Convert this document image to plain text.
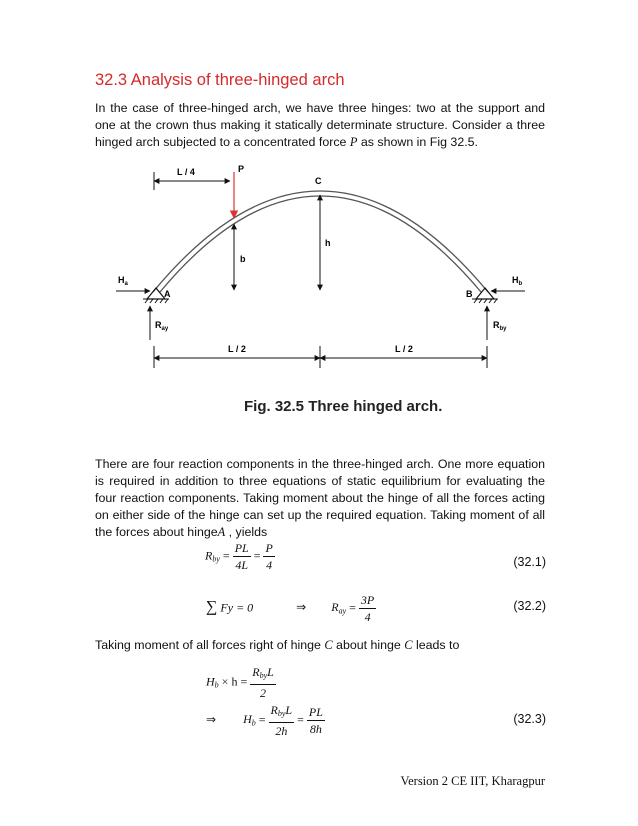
32.3 Analysis of three-hinged arch
In the case of three-hinged arch, we have three hinges: two at the support and one at the crown thus making it statically determinate structure. Consider a three hinged arch subjected to a concentrated force P as shown in Fig 32.5.
L / 4	P
b
C
h
$H_a$	$H_b$
A	B
$R_{ay}$	$R_{by}$
L / 2	L / 2
Fig. 32.5 Three hinged arch.
There are four reaction components in the three-hinged arch. One more equation is required in addition to three equations of static equilibrium for evaluating the four reaction components. Taking moment about the hinge of all the forces acting on either side of the hinge can set up the required equation. Taking moment of all the forces about hingeA , yields
$R_{by} = \frac{PL}{4L} = \frac{P}{4}$	(32.1)
∑ Fy = 0	⇒ $R_{ay} = \frac{3P}{4}$	(32.2)
Taking moment of all forces right of hinge C about hinge C leads to
$H_b \times h = \frac{R_{by}L}{2}$
⇒ $H_b = \frac{R_{by}L}{2h} = \frac{PL}{8h}$	(32.3)
Version 2 CE IIT, Kharagpur
